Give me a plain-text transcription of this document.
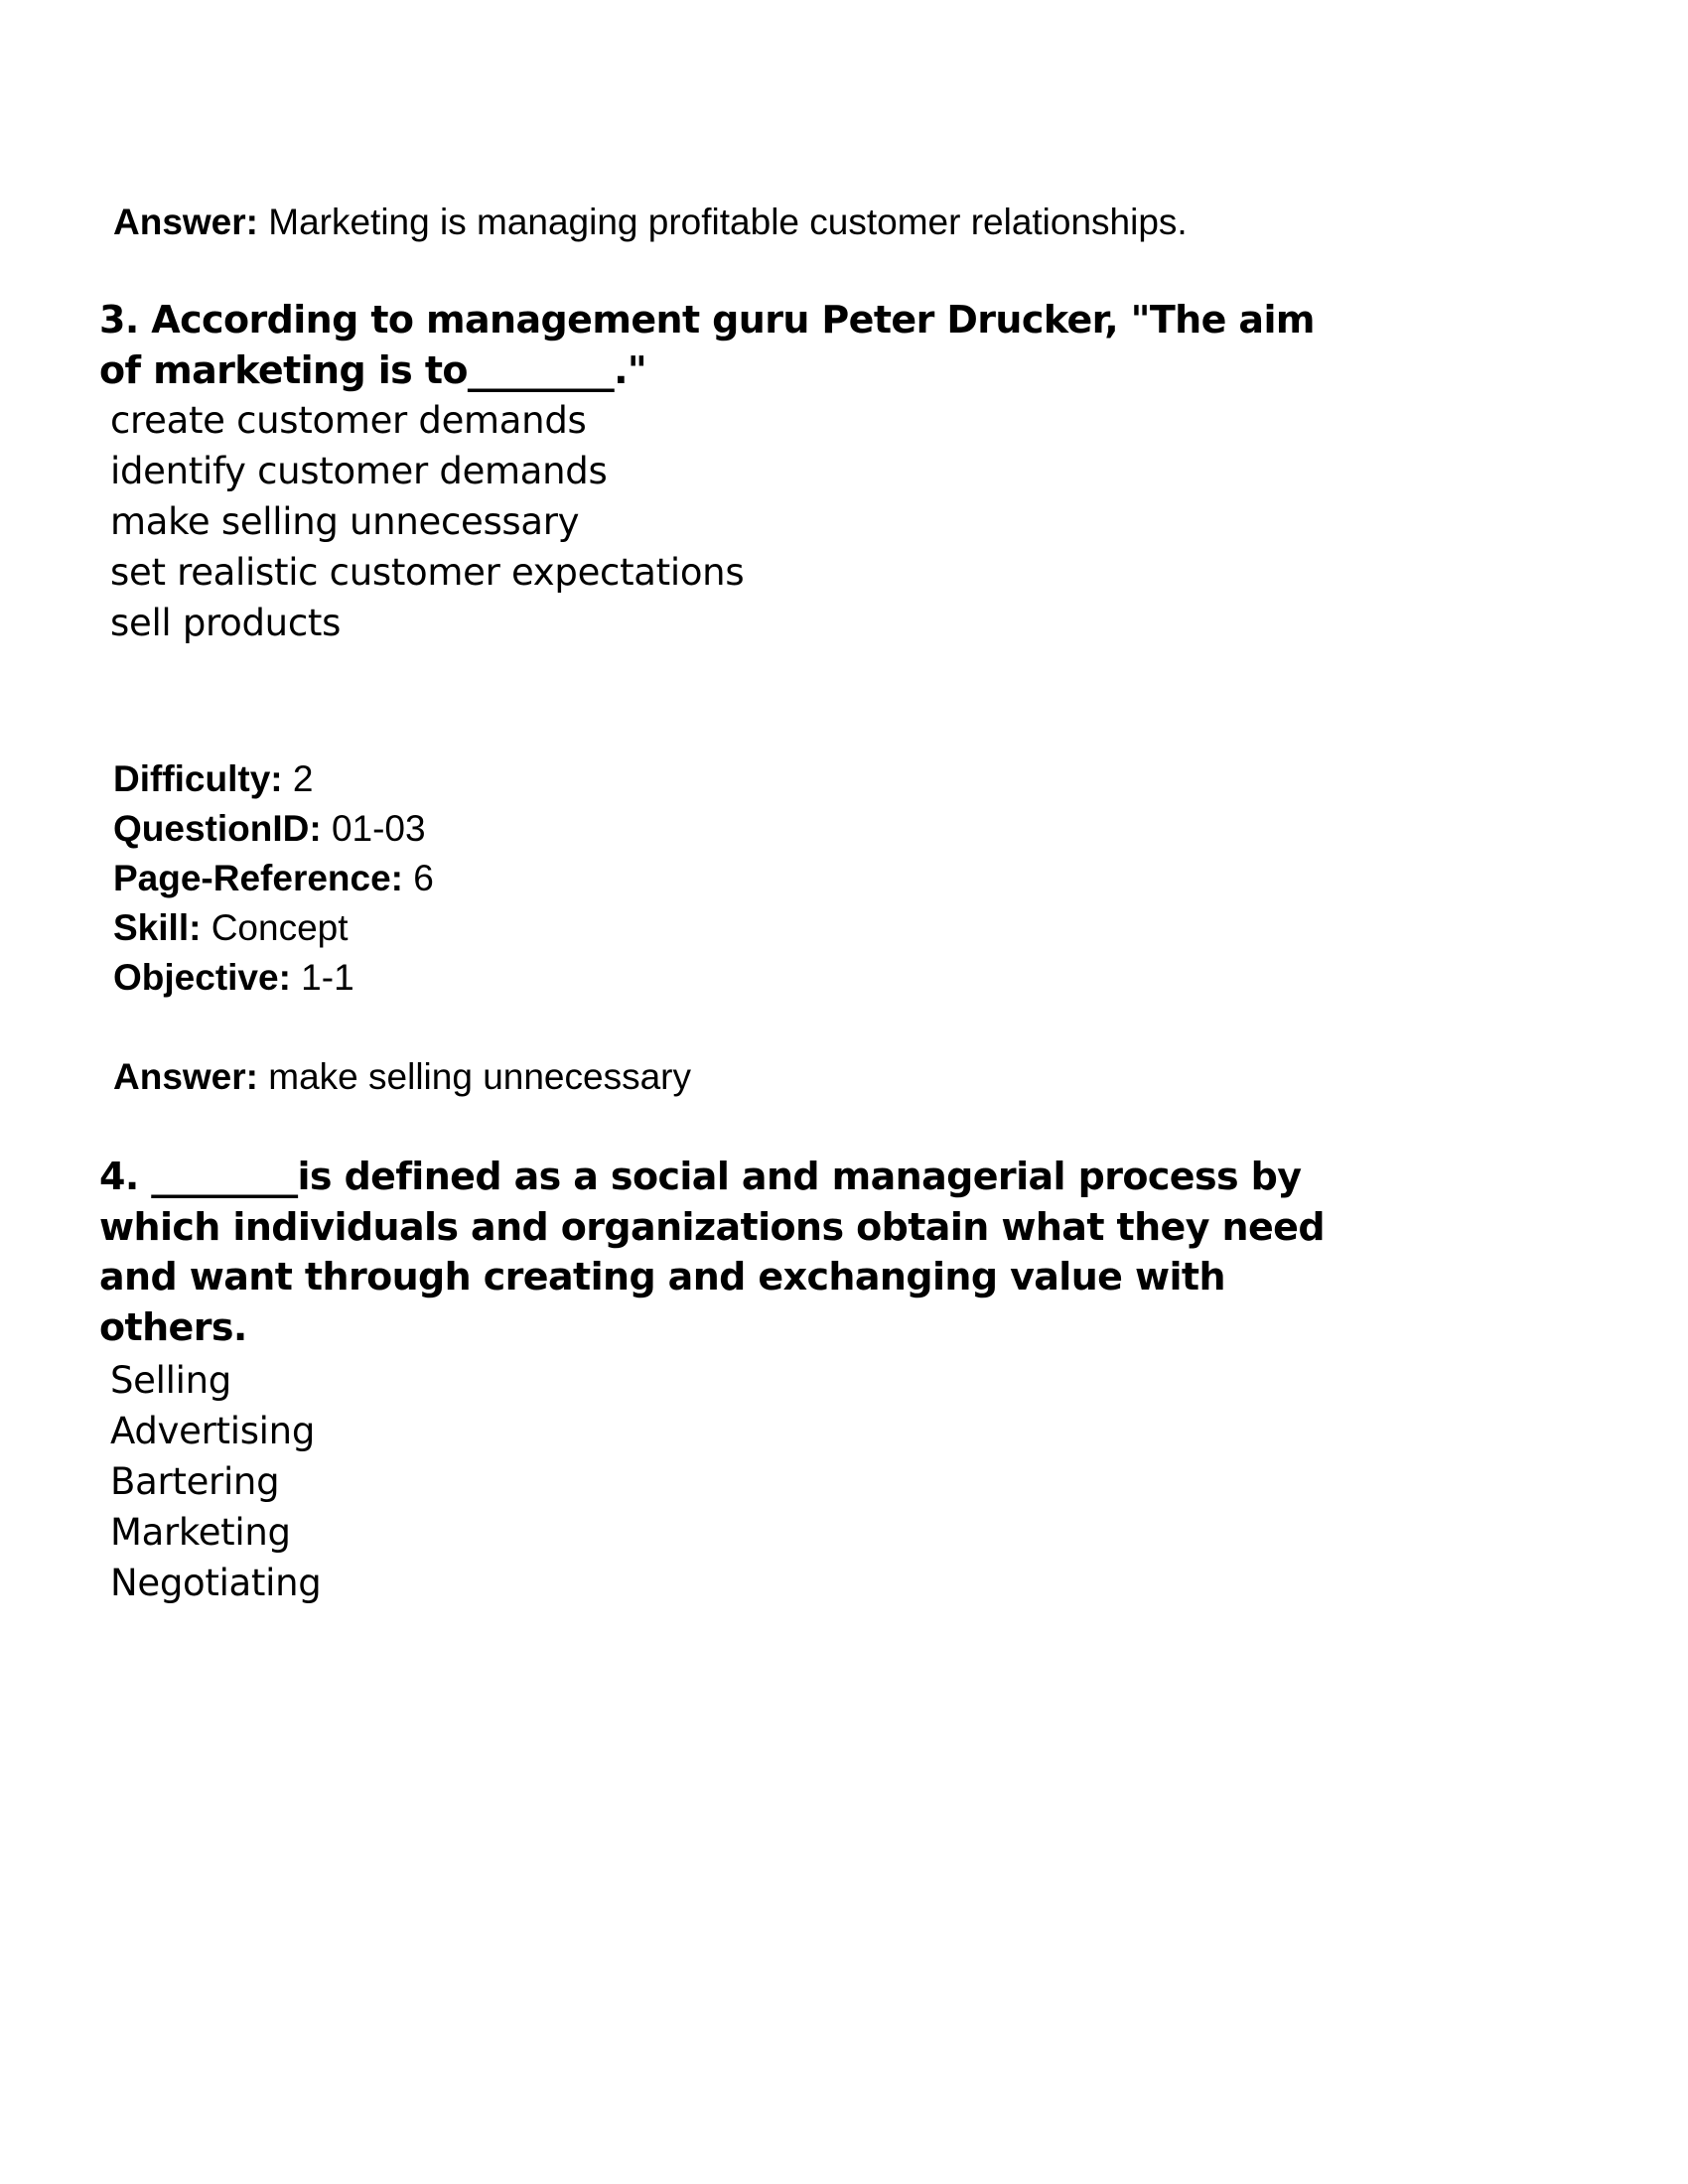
Answer: Marketing is managing profitable customer relationships.
3. According to management guru Peter Drucker, "The aim
of marketing is to________."
create customer demands
identify customer demands
make selling unnecessary
set realistic customer expectations
sell products
Difficulty: 2
QuestionID: 01-03
Page-Reference: 6
Skill: Concept
Objective: 1-1
Answer: make selling unnecessary
4. ________is defined as a social and managerial process by
which individuals and organizations obtain what they need
and want through creating and exchanging value with
others.
Selling
Advertising
Bartering
Marketing
Negotiating
